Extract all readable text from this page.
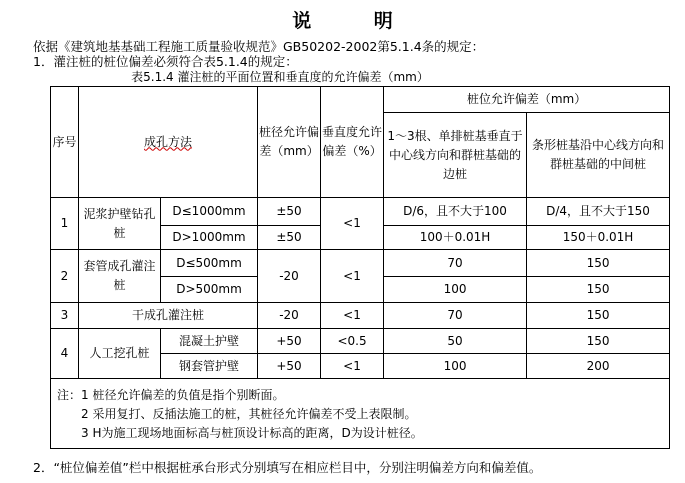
说 明
依据《建筑地基基础工程施工质量验收规范》GB50202-2002第5.1.4条的规定：
1．灌注桩的桩位偏差必须符合表5.1.4的规定：
表5.1.4 灌注桩的平面位置和垂直度的允许偏差（mm）
序号	成孔方法		桩径允许偏差（mm）	垂直度允许偏差（%）	桩位允许偏差（mm）	
					1～3根、单排桩基垂直于中心线方向和群桩基础的边桩	条形桩基沿中心线方向和群桩基础的中间桩
1	泥浆护壁钻孔桩	D≤1000mm	±50	<1	D/6，且不大于100	D/4，且不大于150
		D>1000mm	±50		100＋0.01H	150＋0.01H
2	套管成孔灌注桩	D≤500mm	-20	<1	70	150
		D>500mm			100	150
3	干成孔灌注桩		-20	<1	70	150
4	人工挖孔桩	混凝土护壁	+50	<0.5	50	150
		钢套管护壁	+50	<1	100	200

注：1 桩径允许偏差的负值是指个别断面。
2 采用复打、反插法施工的桩，其桩径允许偏差不受上表限制。
3 H为施工现场地面标高与桩顶设计标高的距离，D为设计桩径。						
2．“桩位偏差值”栏中根据桩承台形式分别填写在相应栏目中，分别注明偏差方向和偏差值。
